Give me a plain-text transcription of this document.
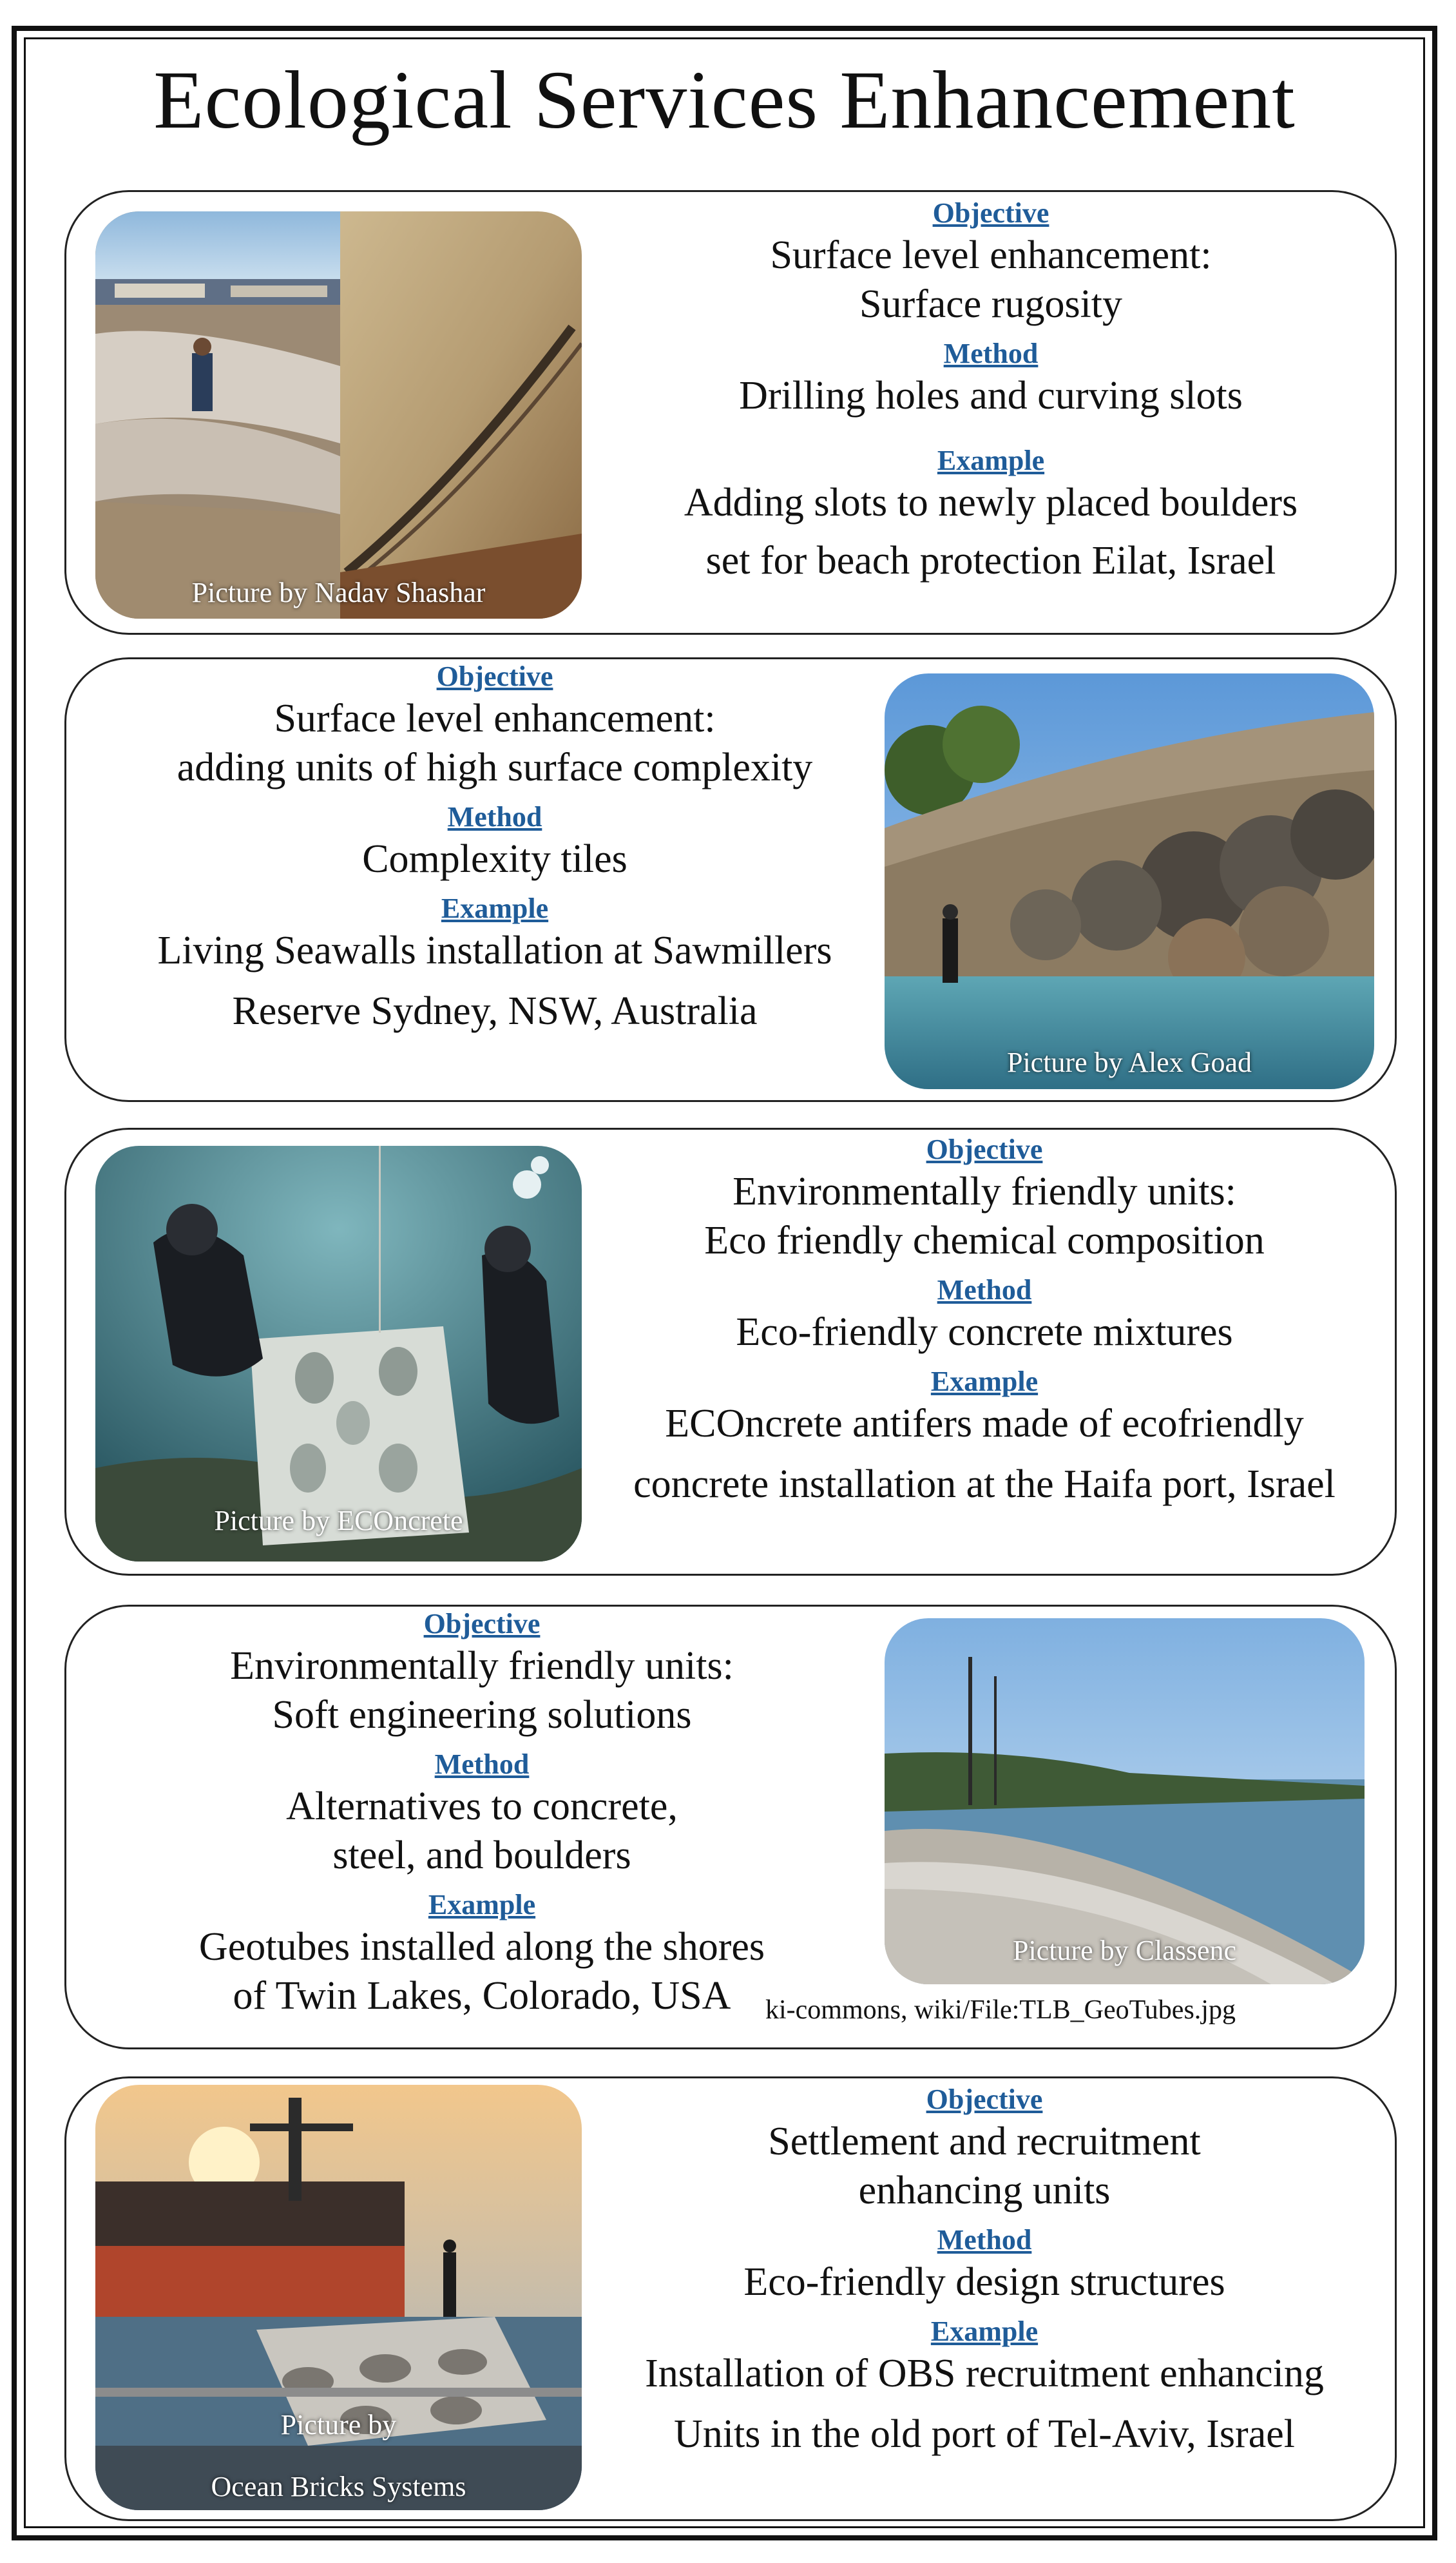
Ecological Services Enhancement
Picture by Nadav Shashar
Objective
Surface level enhancement:
Surface rugosity
Method
Drilling holes and curving slots
Example
Adding slots to newly placed boulders
set for beach protection Eilat, Israel
Objective
Surface level enhancement:
adding units of high surface complexity
Method
Complexity tiles
Example
Living Seawalls installation at Sawmillers
Reserve Sydney, NSW, Australia
Picture by Alex Goad
Picture by ECOncrete
Objective
Environmentally friendly units:
Eco friendly chemical composition
Method
Eco-friendly concrete mixtures
Example
ECOncrete antifers made of ecofriendly
concrete installation at the Haifa port, Israel
Objective
Environmentally friendly units:
Soft engineering solutions
Method
Alternatives to concrete,
steel, and boulders
Example
Geotubes installed along the shores
of Twin Lakes, Colorado, USA
Picture by Classenc
ki-commons, wiki/File:TLB_GeoTubes.jpg
Picture by
Ocean Bricks Systems
Objective
Settlement and recruitment
enhancing units
Method
Eco-friendly design structures
Example
Installation of OBS recruitment enhancing
Units in the old port of Tel-Aviv, Israel
